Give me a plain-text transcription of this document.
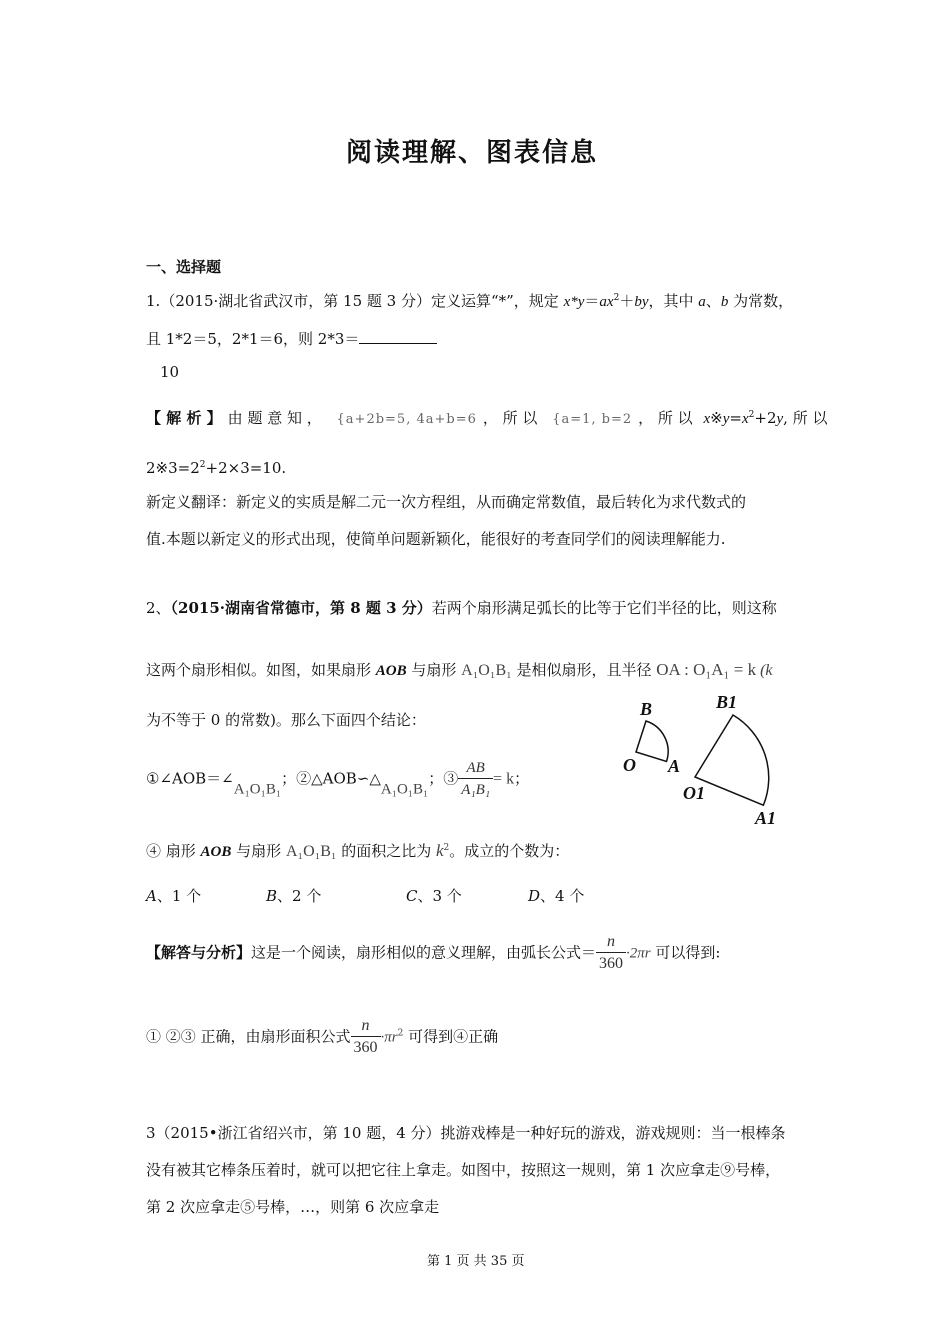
阅读理解、图表信息
一、选择题
1.（2015·湖北省武汉市，第 15 题 3 分）定义运算“*”，规定 $x*y=ax^2+by$，其中 a、b 为常数，
且 1*2＝5，2*1＝6，则 2*3＝
10
【 解 析 】 由 题 意 知 ， {a+2b=5, 4a+b=6 ， 所 以 {a=1, b=2 ， 所 以 $x※y=x^2+2y$, 所 以
$2※3=2^2+2\times 3=10$.
新定义翻译：新定义的实质是解二元一次方程组，从而确定常数值，最后转化为求代数式的
值.本题以新定义的形式出现，使简单问题新颖化，能很好的考查同学们的阅读理解能力.
2、（2015·湖南省常德市，第 8 题 3 分）若两个扇形满足弧长的比等于它们半径的比，则这称
这两个扇形相似。如图，如果扇形 AOB 与扇形 A₁O₁B₁ 是相似扇形，且半径 OA : O₁A₁ = k (k
为不等于 0 的常数)。那么下面四个结论：
①∠AOB＝∠A₁O₁B₁；②△AOB∽△A₁O₁B₁；③ $\frac{AB}{\text{A₁B₁}} = k$；
④ 扇形 AOB 与扇形 A₁O₁B₁ 的面积之比为 $k^2$。成立的个数为：
A、1 个	B、2 个	C、3 个	D、4 个
【解答与分析】这是一个阅读，扇形相似的意义理解，由弧长公式＝ $\frac{n}{360} \cdot 2\pi r$ 可以得到:
① ②③ 正确，由扇形面积公式 $\frac{n}{360} \cdot\pi r^2$ 可得到④正确
B
O A
B1
O1
A1
3（2015•浙江省绍兴市，第 10 题，4 分）挑游戏棒是一种好玩的游戏，游戏规则：当一根棒条
没有被其它棒条压着时，就可以把它往上拿走。如图中，按照这一规则，第 1 次应拿走⑨号棒，
第 2 次应拿走⑤号棒，…，则第 6 次应拿走
第 1 页 共 35 页
